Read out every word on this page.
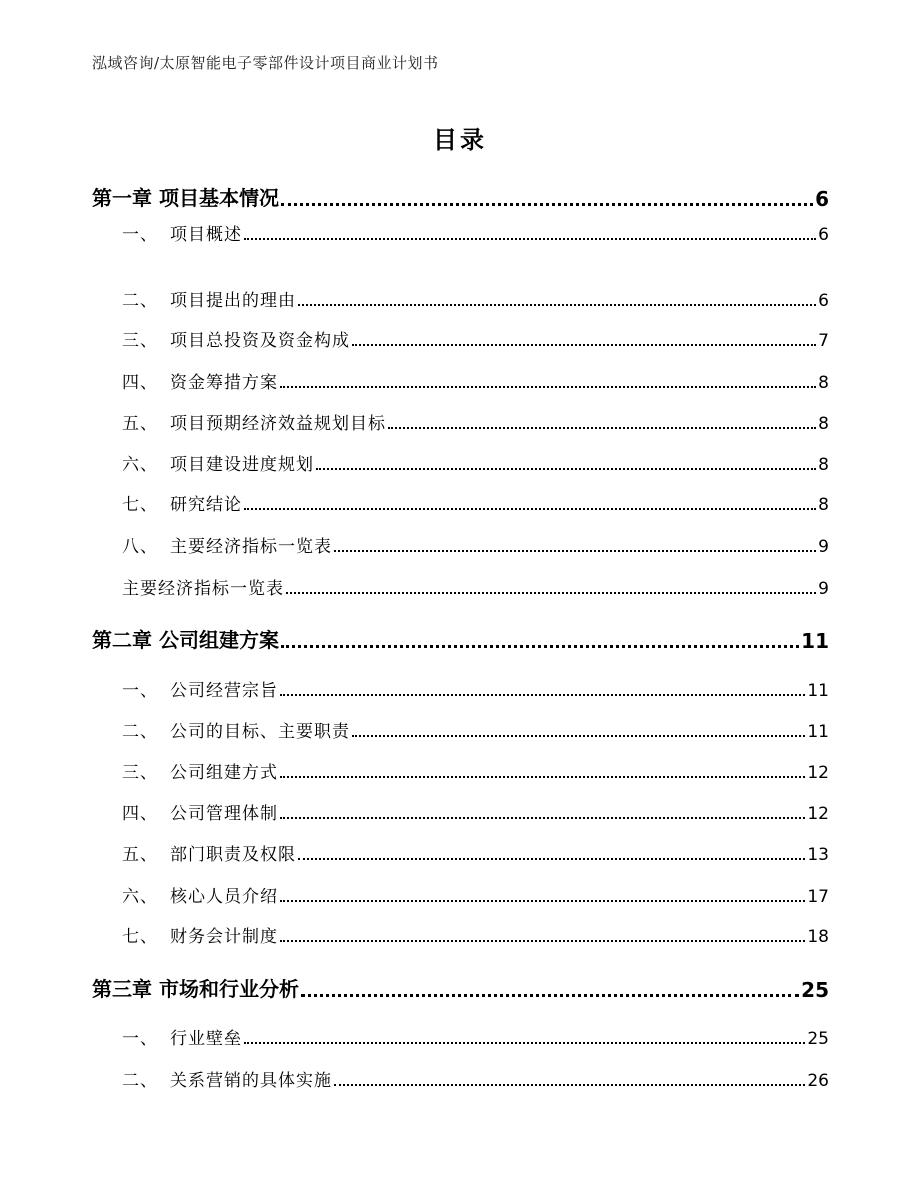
泓域咨询/太原智能电子零部件设计项目商业计划书
目录
第一章 项目基本情况	6
一、 项目概述	6
二、 项目提出的理由	6
三、 项目总投资及资金构成	7
四、 资金筹措方案	8
五、 项目预期经济效益规划目标	8
六、 项目建设进度规划	8
七、 研究结论	8
八、 主要经济指标一览表	9
主要经济指标一览表	9
第二章 公司组建方案	11
一、 公司经营宗旨	11
二、 公司的目标、主要职责	11
三、 公司组建方式	12
四、 公司管理体制	12
五、 部门职责及权限	13
六、 核心人员介绍	17
七、 财务会计制度	18
第三章 市场和行业分析	25
一、 行业壁垒	25
二、 关系营销的具体实施	26
